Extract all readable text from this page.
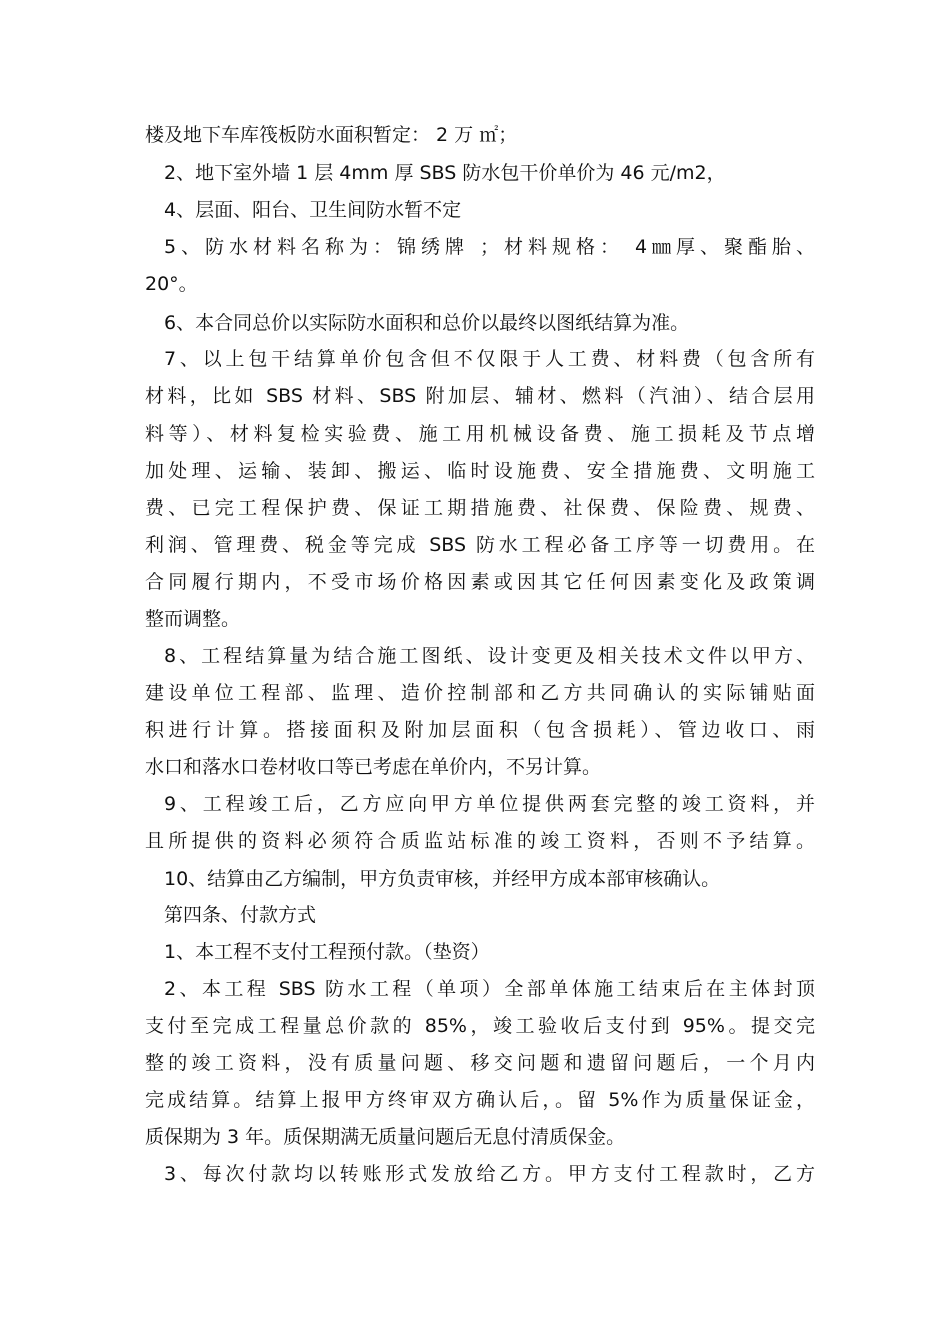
楼及地下车库筏板防水面积暂定： 2 万 ㎡；
2、地下室外墙 1 层 4mm 厚 SBS 防水包干价单价为 46 元/m2，
4、层面、阳台、卫生间防水暂不定
5、防水材料名称为：锦绣牌 ；材料规格： 4㎜厚、聚酯胎、
20°。
6、本合同总价以实际防水面积和总价以最终以图纸结算为准。
7、以上包干结算单价包含但不仅限于人工费、材料费（包含所有
材料，比如 SBS 材料、SBS 附加层、辅材、燃料（汽油）、结合层用
料等）、材料复检实验费、施工用机械设备费、施工损耗及节点增
加处理、运输、装卸、搬运、临时设施费、安全措施费、文明施工
费、已完工程保护费、保证工期措施费、社保费、保险费、规费、
利润、管理费、税金等完成 SBS 防水工程必备工序等一切费用。在
合同履行期内，不受市场价格因素或因其它任何因素变化及政策调
整而调整。
8、工程结算量为结合施工图纸、设计变更及相关技术文件以甲方、
建设单位工程部、监理、造价控制部和乙方共同确认的实际铺贴面
积进行计算。搭接面积及附加层面积（包含损耗）、管边收口、雨
水口和落水口卷材收口等已考虑在单价内，不另计算。
9、工程竣工后，乙方应向甲方单位提供两套完整的竣工资料，并
且所提供的资料必须符合质监站标准的竣工资料，否则不予结算。
10、结算由乙方编制，甲方负责审核，并经甲方成本部审核确认。
第四条、付款方式
1、本工程不支付工程预付款。（垫资）
2、本工程 SBS 防水工程（单项）全部单体施工结束后在主体封顶
支付至完成工程量总价款的 85%，竣工验收后支付到 95%。提交完
整的竣工资料，没有质量问题、移交问题和遗留问题后，一个月内
完成结算。结算上报甲方终审双方确认后，。留 5%作为质量保证金，
质保期为 3 年。质保期满无质量问题后无息付清质保金。
3、每次付款均以转账形式发放给乙方。甲方支付工程款时，乙方
